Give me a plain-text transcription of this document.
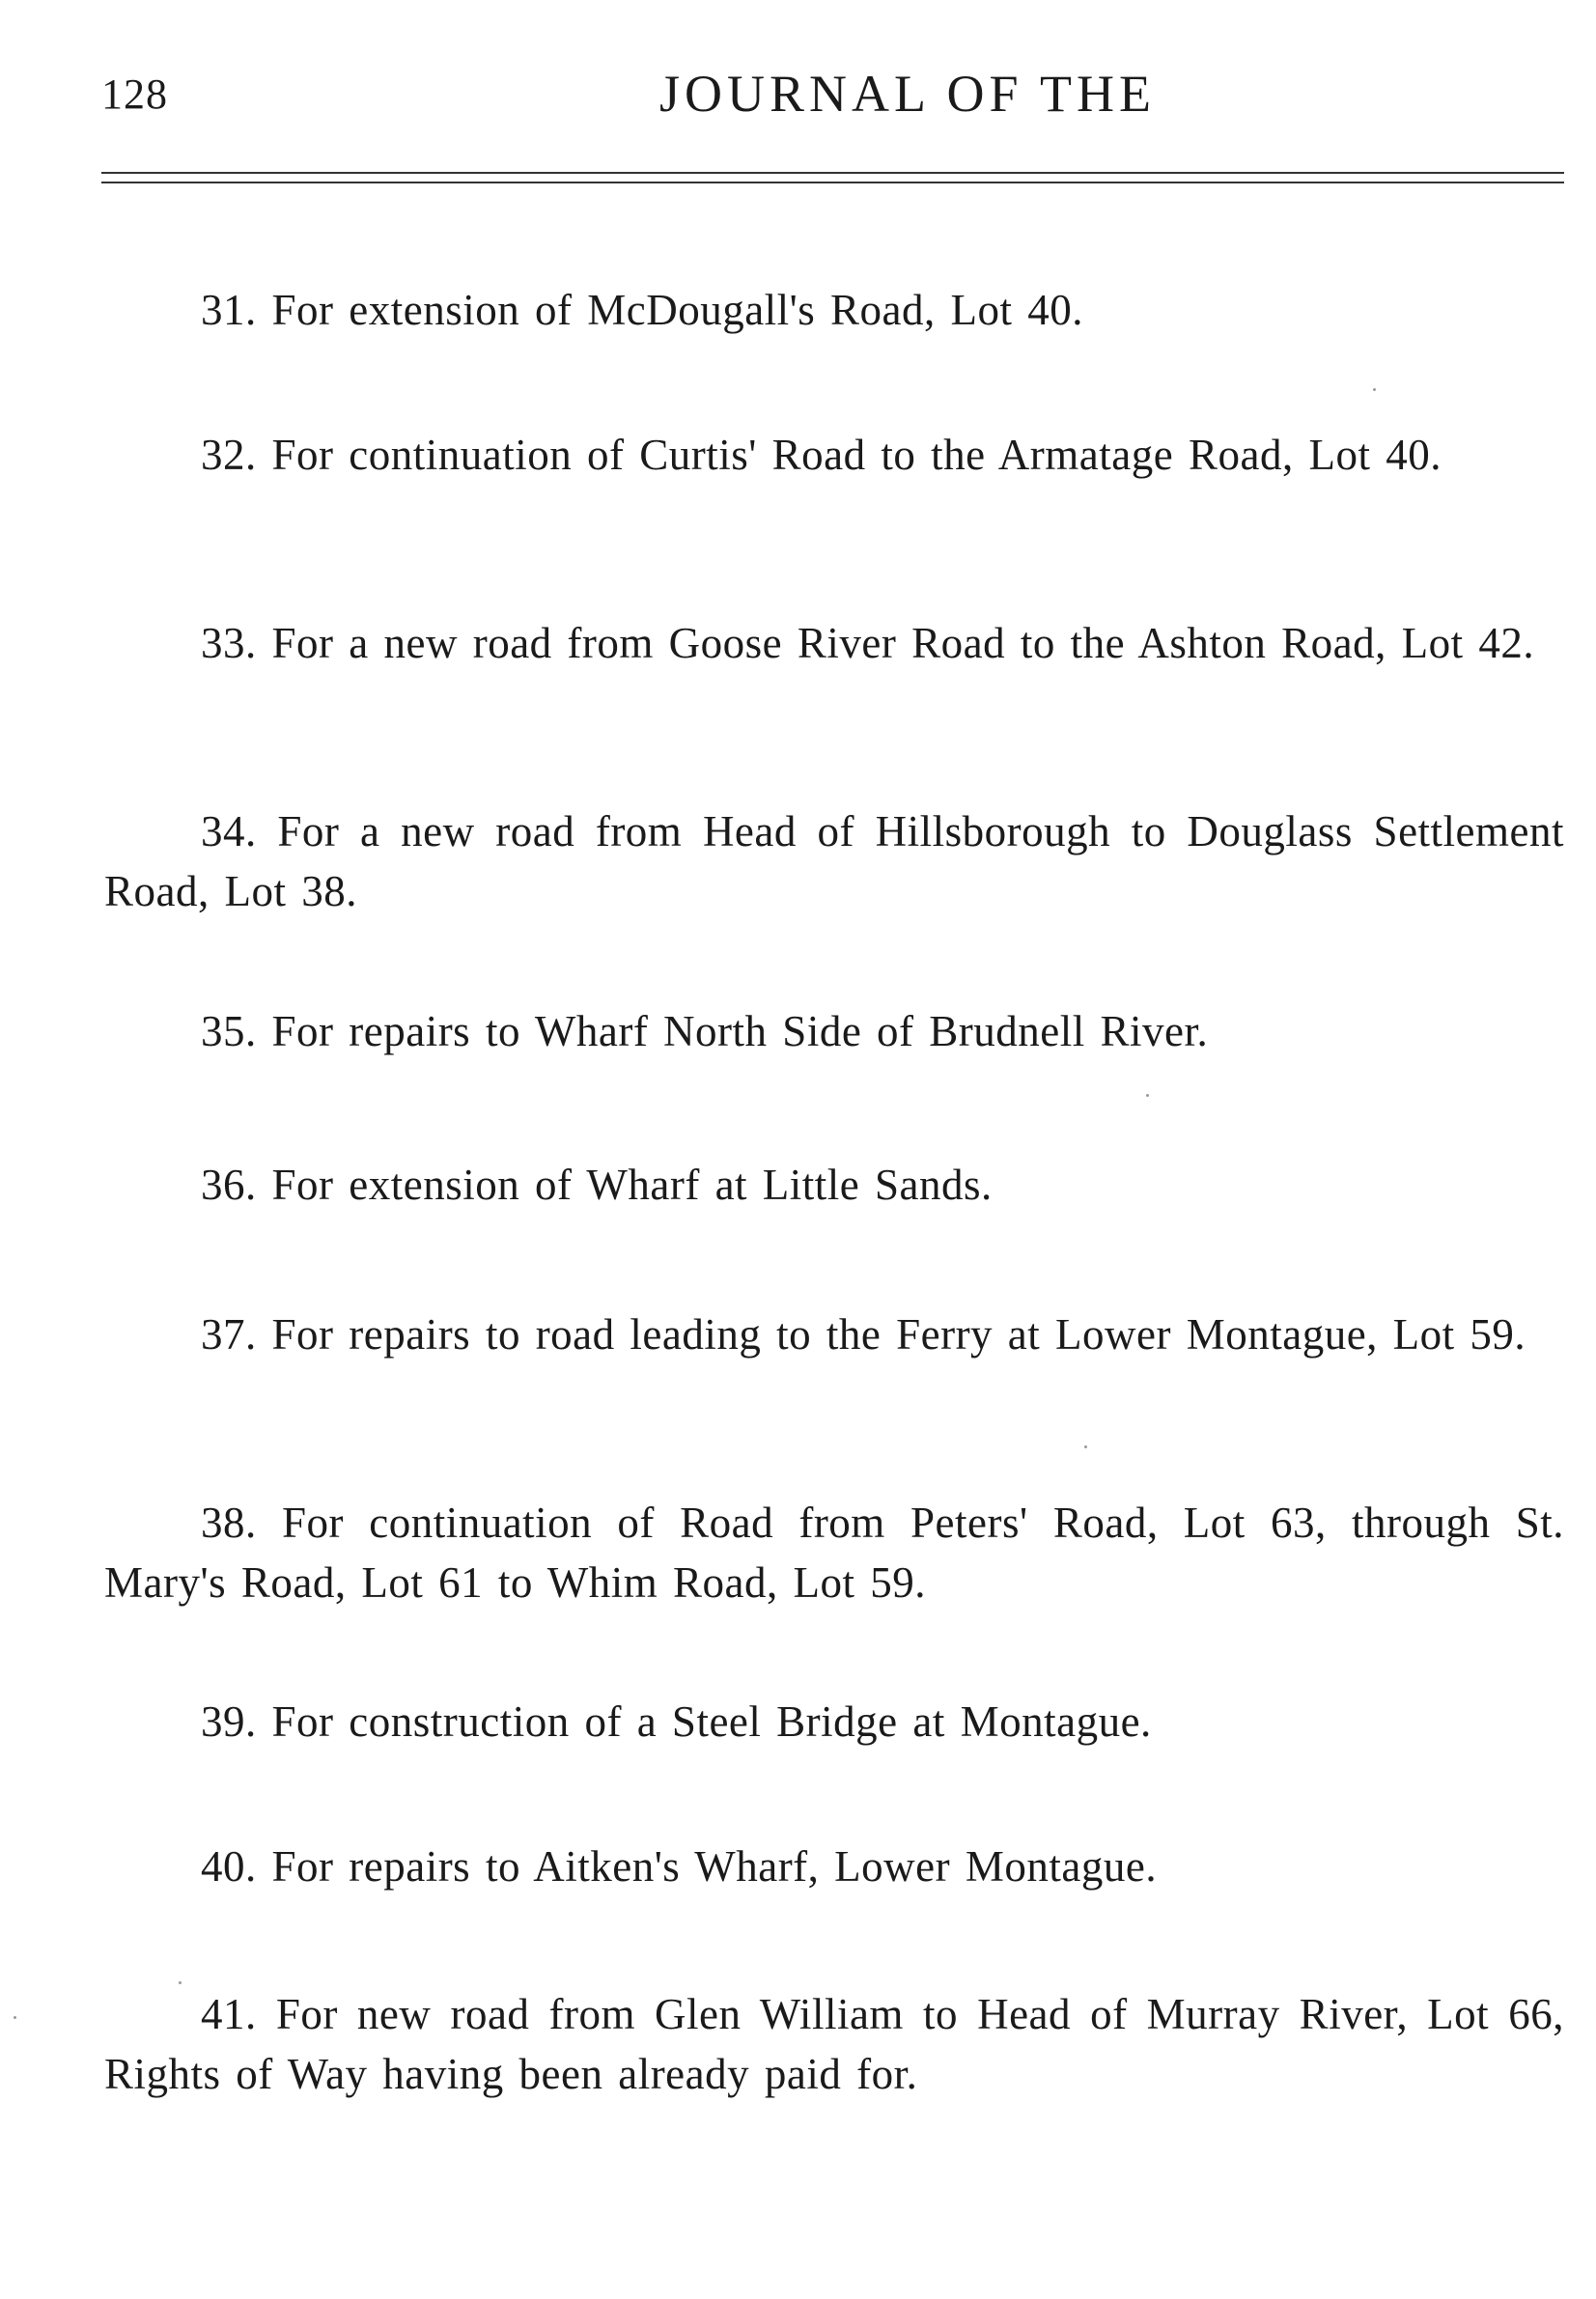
128	JOURNAL OF THE

31. For extension of McDougall's Road, Lot 40.

32. For continuation of Curtis' Road to the Armatage Road, Lot 40.

33. For a new road from Goose River Road to the Ashton Road, Lot 42.

34. For a new road from Head of Hillsborough to Douglass Settlement Road, Lot 38.

35. For repairs to Wharf North Side of Brudnell River.

36. For extension of Wharf at Little Sands.

37. For repairs to road leading to the Ferry at Lower Montague, Lot 59.

38. For continuation of Road from Peters' Road, Lot 63, through St. Mary's Road, Lot 61 to Whim Road, Lot 59.

39. For construction of a Steel Bridge at Montague.

40. For repairs to Aitken's Wharf, Lower Montague.

41. For new road from Glen William to Head of Murray River, Lot 66, Rights of Way having been already paid for.
